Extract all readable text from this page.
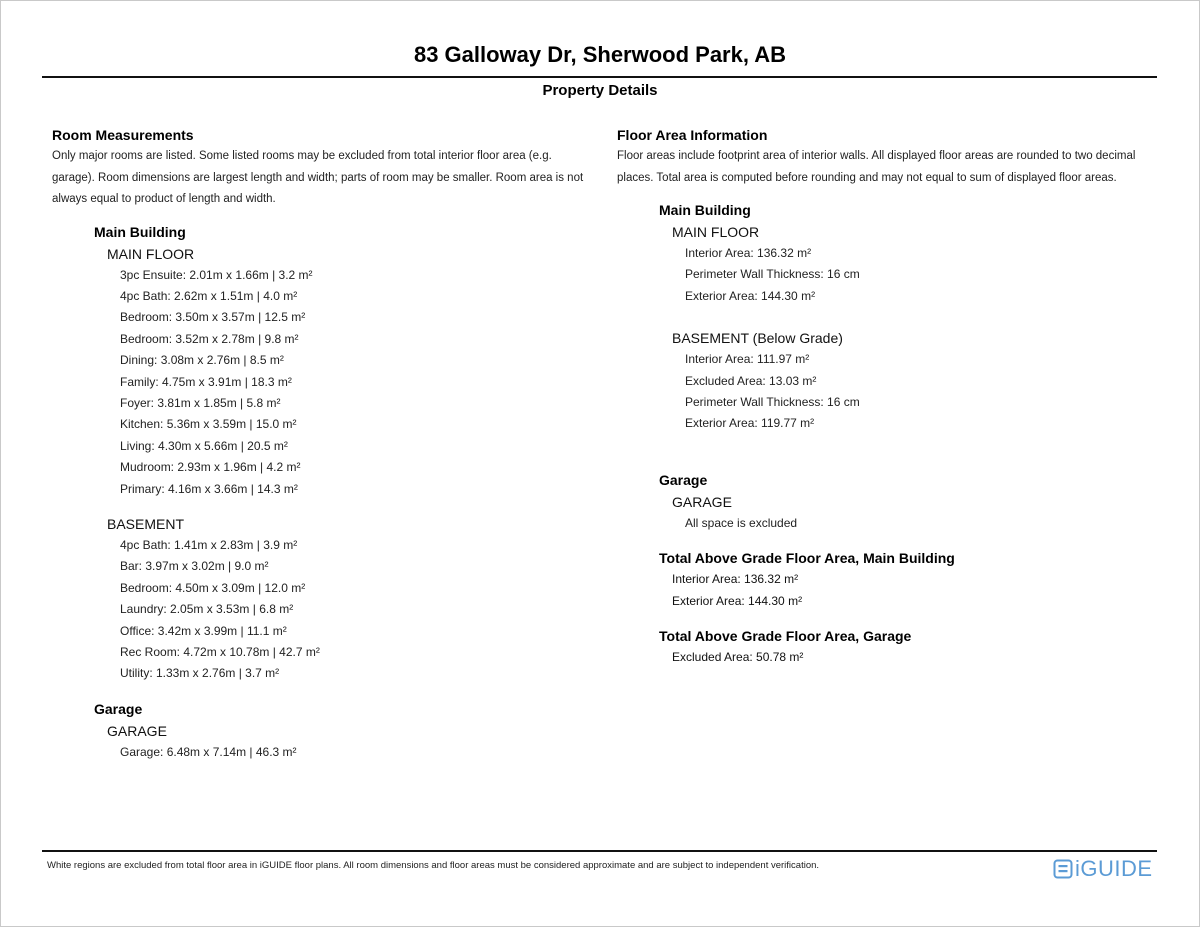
83 Galloway Dr, Sherwood Park, AB
Property Details
Room Measurements
Only major rooms are listed. Some listed rooms may be excluded from total interior floor area (e.g. garage). Room dimensions are largest length and width; parts of room may be smaller. Room area is not always equal to product of length and width.
Main Building
MAIN FLOOR
3pc Ensuite: 2.01m x 1.66m | 3.2 m²
4pc Bath: 2.62m x 1.51m | 4.0 m²
Bedroom: 3.50m x 3.57m | 12.5 m²
Bedroom: 3.52m x 2.78m | 9.8 m²
Dining: 3.08m x 2.76m | 8.5 m²
Family: 4.75m x 3.91m | 18.3 m²
Foyer: 3.81m x 1.85m | 5.8 m²
Kitchen: 5.36m x 3.59m | 15.0 m²
Living: 4.30m x 5.66m | 20.5 m²
Mudroom: 2.93m x 1.96m | 4.2 m²
Primary: 4.16m x 3.66m | 14.3 m²
BASEMENT
4pc Bath: 1.41m x 2.83m | 3.9 m²
Bar: 3.97m x 3.02m | 9.0 m²
Bedroom: 4.50m x 3.09m | 12.0 m²
Laundry: 2.05m x 3.53m | 6.8 m²
Office: 3.42m x 3.99m | 11.1 m²
Rec Room: 4.72m x 10.78m | 42.7 m²
Utility: 1.33m x 2.76m | 3.7 m²
Garage
GARAGE
Garage: 6.48m x 7.14m | 46.3 m²
Floor Area Information
Floor areas include footprint area of interior walls. All displayed floor areas are rounded to two decimal places. Total area is computed before rounding and may not equal to sum of displayed floor areas.
Main Building
MAIN FLOOR
Interior Area: 136.32 m²
Perimeter Wall Thickness: 16 cm
Exterior Area: 144.30 m²
BASEMENT (Below Grade)
Interior Area: 111.97 m²
Excluded Area: 13.03 m²
Perimeter Wall Thickness: 16 cm
Exterior Area: 119.77 m²
Garage
GARAGE
All space is excluded
Total Above Grade Floor Area, Main Building
Interior Area: 136.32 m²
Exterior Area: 144.30 m²
Total Above Grade Floor Area, Garage
Excluded Area: 50.78 m²
White regions are excluded from total floor area in iGUIDE floor plans. All room dimensions and floor areas must be considered approximate and are subject to independent verification.	iGUIDE
